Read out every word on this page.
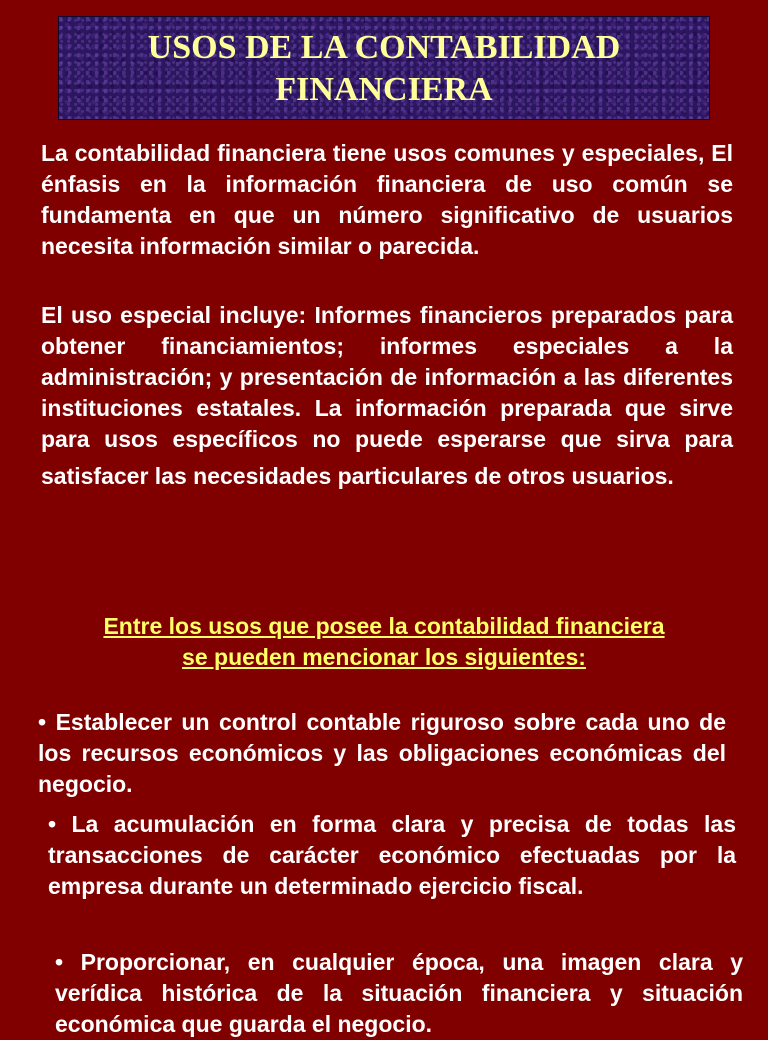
USOS DE LA CONTABILIDAD
FINANCIERA

La contabilidad financiera tiene usos comunes y especiales, El énfasis en la información financiera de uso común se fundamenta en que un número significativo de usuarios necesita información similar o parecida.

El uso especial incluye: Informes financieros preparados para obtener financiamientos; informes especiales a la administración; y presentación de información a las diferentes instituciones estatales. La información preparada que sirve para usos específicos no puede esperarse que sirva para satisfacer las necesidades particulares de otros usuarios.

Entre los usos que posee la contabilidad financiera
se pueden mencionar los siguientes:

• Establecer un control contable riguroso sobre cada uno de los recursos económicos y las obligaciones económicas del negocio.

• La acumulación en forma clara y precisa de todas las transacciones de carácter económico efectuadas por la empresa durante un determinado ejercicio fiscal.

• Proporcionar, en cualquier época, una imagen clara y verídica histórica de la situación financiera y situación económica que guarda el negocio.
